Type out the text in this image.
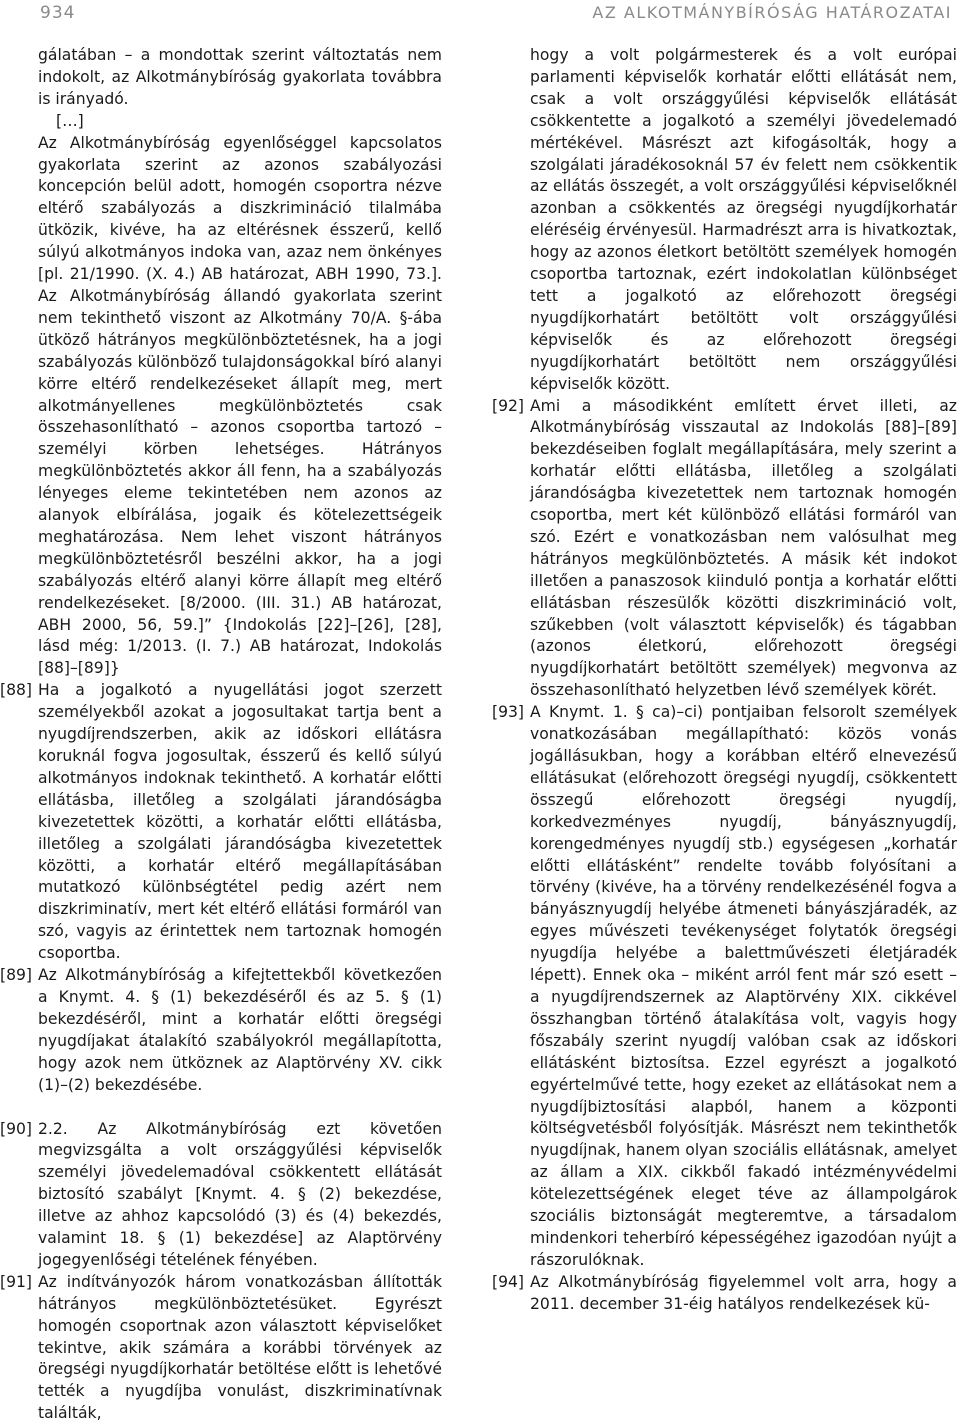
934	AZ ALKOTMÁNYBÍRÓSÁG HATÁROZATAI

gálatában – a mondottak szerint változtatás nem indokolt, az Alkotmánybíróság gyakorlata továbbra is irányadó.

[…]

Az Alkotmánybíróság egyenlőséggel kapcsolatos gyakorlata szerint az azonos szabályozási koncepción belül adott, homogén csoportra nézve eltérő szabályozás a diszkrimináció tilalmába ütközik, kivéve, ha az eltérésnek ésszerű, kellő súlyú alkotmányos indoka van, azaz nem önkényes [pl. 21/1990. (X. 4.) AB határozat, ABH 1990, 73.]. Az Alkotmánybíróság állandó gyakorlata szerint nem tekinthető viszont az Alkotmány 70/A. §-ába ütköző hátrányos megkülönböztetésnek, ha a jogi szabályozás különböző tulajdonságokkal bíró alanyi körre eltérő rendelkezéseket állapít meg, mert alkotmányellenes megkülönböztetés csak összehasonlítható – azonos csoportba tartozó – személyi körben lehetséges. Hátrányos megkülönböztetés akkor áll fenn, ha a szabályozás lényeges eleme tekintetében nem azonos az alanyok elbírálása, jogaik és kötelezettségeik meghatározása. Nem lehet viszont hátrányos megkülönböztetésről beszélni akkor, ha a jogi szabályozás eltérő alanyi körre állapít meg eltérő rendelkezéseket. [8/2000. (III. 31.) AB határozat, ABH 2000, 56, 59.]” {Indokolás [22]–[26], [28], lásd még: 1/2013. (I. 7.) AB határozat, Indokolás [88]–[89]}

[88] Ha a jogalkotó a nyugellátási jogot szerzett személyekből azokat a jogosultakat tartja bent a nyugdíjrendszerben, akik az időskori ellátásra koruknál fogva jogosultak, ésszerű és kellő súlyú alkotmányos indoknak tekinthető. A korhatár előtti ellátásba, illetőleg a szolgálati járandóságba kivezetettek közötti, a korhatár előtti ellátásba, illetőleg a szolgálati járandóságba kivezetettek közötti, a korhatár eltérő megállapításában mutatkozó különbségtétel pedig azért nem diszkriminatív, mert két eltérő ellátási formáról van szó, vagyis az érintettek nem tartoznak homogén csoportba.

[89] Az Alkotmánybíróság a kifejtettekből következően a Knymt. 4. § (1) bekezdéséről és az 5. § (1) bekezdéséről, mint a korhatár előtti öregségi nyugdíjakat átalakító szabályokról megállapította, hogy azok nem ütköznek az Alaptörvény XV. cikk (1)–(2) bekezdésébe.

[90] 2.2. Az Alkotmánybíróság ezt követően megvizsgálta a volt országgyűlési képviselők személyi jövedelemadóval csökkentett ellátását biztosító szabályt [Knymt. 4. § (2) bekezdése, illetve az ahhoz kapcsolódó (3) és (4) bekezdés, valamint 18. § (1) bekezdése] az Alaptörvény jogegyenlőségi tételének fényében.

[91] Az indítványozók három vonatkozásban állították hátrányos megkülönböztetésüket. Egyrészt homogén csoportnak azon választott képviselőket tekintve, akik számára a korábbi törvények az öregségi nyugdíjkorhatár betöltése előtt is lehetővé tették a nyugdíjba vonulást, diszkriminatívnak találták,

hogy a volt polgármesterek és a volt európai parlamenti képviselők korhatár előtti ellátását nem, csak a volt országgyűlési képviselők ellátását csökkentette a jogalkotó a személyi jövedelemadó mértékével. Másrészt azt kifogásolták, hogy a szolgálati járadékosoknál 57 év felett nem csökkentik az ellátás összegét, a volt országgyűlési képviselőknél azonban a csökkentés az öregségi nyugdíjkorhatár eléréséig érvényesül. Harmadrészt arra is hivatkoztak, hogy az azonos életkort betöltött személyek homogén csoportba tartoznak, ezért indokolatlan különbséget tett a jogalkotó az előrehozott öregségi nyugdíjkorhatárt betöltött volt országgyűlési képviselők és az előrehozott öregségi nyugdíjkorhatárt betöltött nem országgyűlési képviselők között.

[92] Ami a másodikként említett érvet illeti, az Alkotmánybíróság visszautal az Indokolás [88]–[89] bekezdéseiben foglalt megállapítására, mely szerint a korhatár előtti ellátásba, illetőleg a szolgálati járandóságba kivezetettek nem tartoznak homogén csoportba, mert két különböző ellátási formáról van szó. Ezért e vonatkozásban nem valósulhat meg hátrányos megkülönböztetés. A másik két indokot illetően a panaszosok kiinduló pontja a korhatár előtti ellátásban részesülők közötti diszkrimináció volt, szűkebben (volt választott képviselők) és tágabban (azonos életkorú, előrehozott öregségi nyugdíjkorhatárt betöltött személyek) megvonva az összehasonlítható helyzetben lévő személyek körét.

[93] A Knymt. 1. § ca)–ci) pontjaiban felsorolt személyek vonatkozásában megállapítható: közös vonás jogállásukban, hogy a korábban eltérő elnevezésű ellátásukat (előrehozott öregségi nyugdíj, csökkentett összegű előrehozott öregségi nyugdíj, korkedvezményes nyugdíj, bányásznyugdíj, korengedményes nyugdíj stb.) egységesen „korhatár előtti ellátásként” rendelte tovább folyósítani a törvény (kivéve, ha a törvény rendelkezésénél fogva a bányásznyugdíj helyébe átmeneti bányászjáradék, az egyes művészeti tevékenységet folytatók öregségi nyugdíja helyébe a balettművészeti életjáradék lépett). Ennek oka – miként arról fent már szó esett – a nyugdíjrendszernek az Alaptörvény XIX. cikkével összhangban történő átalakítása volt, vagyis hogy főszabály szerint nyugdíj valóban csak az időskori ellátásként biztosítsa. Ezzel egyrészt a jogalkotó egyértelművé tette, hogy ezeket az ellátásokat nem a nyugdíjbiztosítási alapból, hanem a központi költségvetésből folyósítják. Másrészt nem tekinthetők nyugdíjnak, hanem olyan szociális ellátásnak, amelyet az állam a XIX. cikkből fakadó intézményvédelmi kötelezettségének eleget téve az állampolgárok szociális biztonságát megteremtve, a társadalom mindenkori teherbíró képességéhez igazodóan nyújt a rászorulóknak.

[94] Az Alkotmánybíróság figyelemmel volt arra, hogy a 2011. december 31-éig hatályos rendelkezések kü-
